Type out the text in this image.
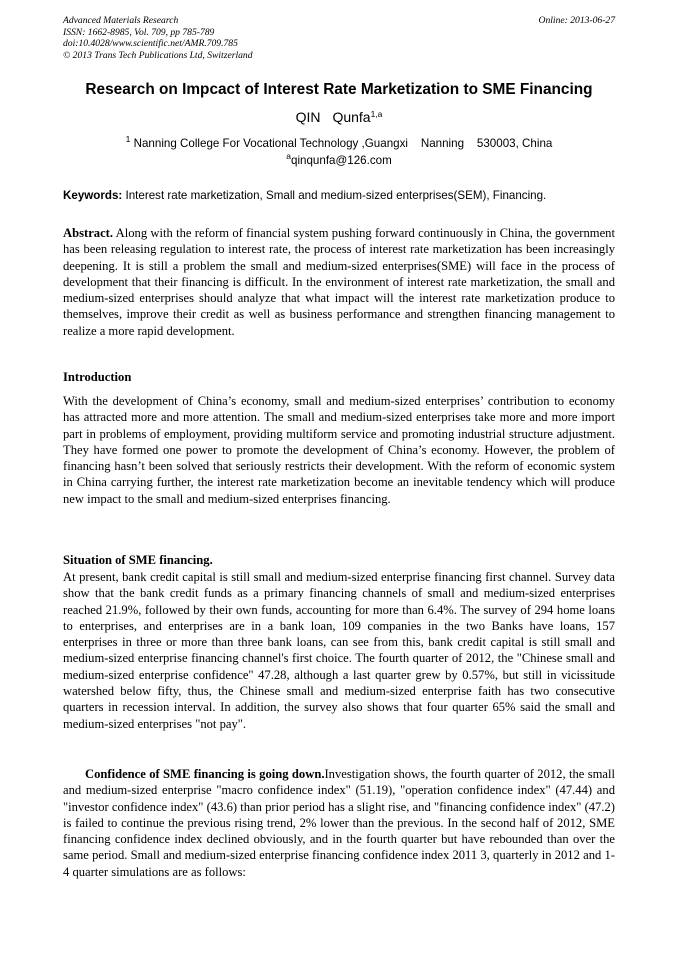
Advanced Materials Research
ISSN: 1662-8985, Vol. 709, pp 785-789
doi:10.4028/www.scientific.net/AMR.709.785
© 2013 Trans Tech Publications Ltd, Switzerland
Online: 2013-06-27
Research on Impcact of Interest Rate Marketization to SME Financing
QIN Qunfa$^{1,a}$
$^1$ Nanning College For Vocational Technology ,Guangxi    Nanning    530003, China
$^a$qinqunfa@126.com
Keywords: Interest rate marketization, Small and medium-sized enterprises(SEM), Financing.
Abstract. Along with the reform of financial system pushing forward continuously in China, the government has been releasing regulation to interest rate, the process of interest rate marketization has been increasingly deepening. It is still a problem the small and medium-sized enterprises(SME) will face in the process of development that their financing is difficult. In the environment of interest rate marketization, the small and medium-sized enterprises should analyze that what impact will the interest rate marketization produce to themselves, improve their credit as well as business performance and strengthen financing management to realize a more rapid development.
Introduction
With the development of China’s economy, small and medium-sized enterprises’ contribution to economy has attracted more and more attention. The small and medium-sized enterprises take more and more import part in problems of employment, providing multiform service and promoting industrial structure adjustment. They have formed one power to promote the development of China’s economy. However, the problem of financing hasn’t been solved that seriously restricts their development. With the reform of economic system in China carrying further, the interest rate marketization become an inevitable tendency which will produce new impact to the small and medium-sized enterprises financing.
Situation of SME financing.
At present, bank credit capital is still small and medium-sized enterprise financing first channel. Survey data show that the bank credit funds as a primary financing channels of small and medium-sized enterprises reached 21.9%, followed by their own funds, accounting for more than 6.4%. The survey of 294 home loans to enterprises, and enterprises are in a bank loan, 109 companies in the two Banks have loans, 157 enterprises in three or more than three bank loans, can see from this, bank credit capital is still small and medium-sized enterprise financing channel's first choice. The fourth quarter of 2012, the "Chinese small and medium-sized enterprise confidence" 47.28, although a last quarter grew by 0.57%, but still in vicissitude watershed below fifty, thus, the Chinese small and medium-sized enterprise faith has two consecutive quarters in recession interval. In addition, the survey also shows that four quarter 65% said the small and medium-sized enterprises "not pay".
Confidence of SME financing is going down.Investigation shows, the fourth quarter of 2012, the small and medium-sized enterprise "macro confidence index" (51.19), "operation confidence index" (47.44) and "investor confidence index" (43.6) than prior period has a slight rise, and "financing confidence index" (47.2) is failed to continue the previous rising trend, 2% lower than the previous. In the second half of 2012, SME financing confidence index declined obviously, and in the fourth quarter but have rebounded than over the same period. Small and medium-sized enterprise financing confidence index 2011 3, quarterly in 2012 and 1-4 quarter simulations are as follows:
